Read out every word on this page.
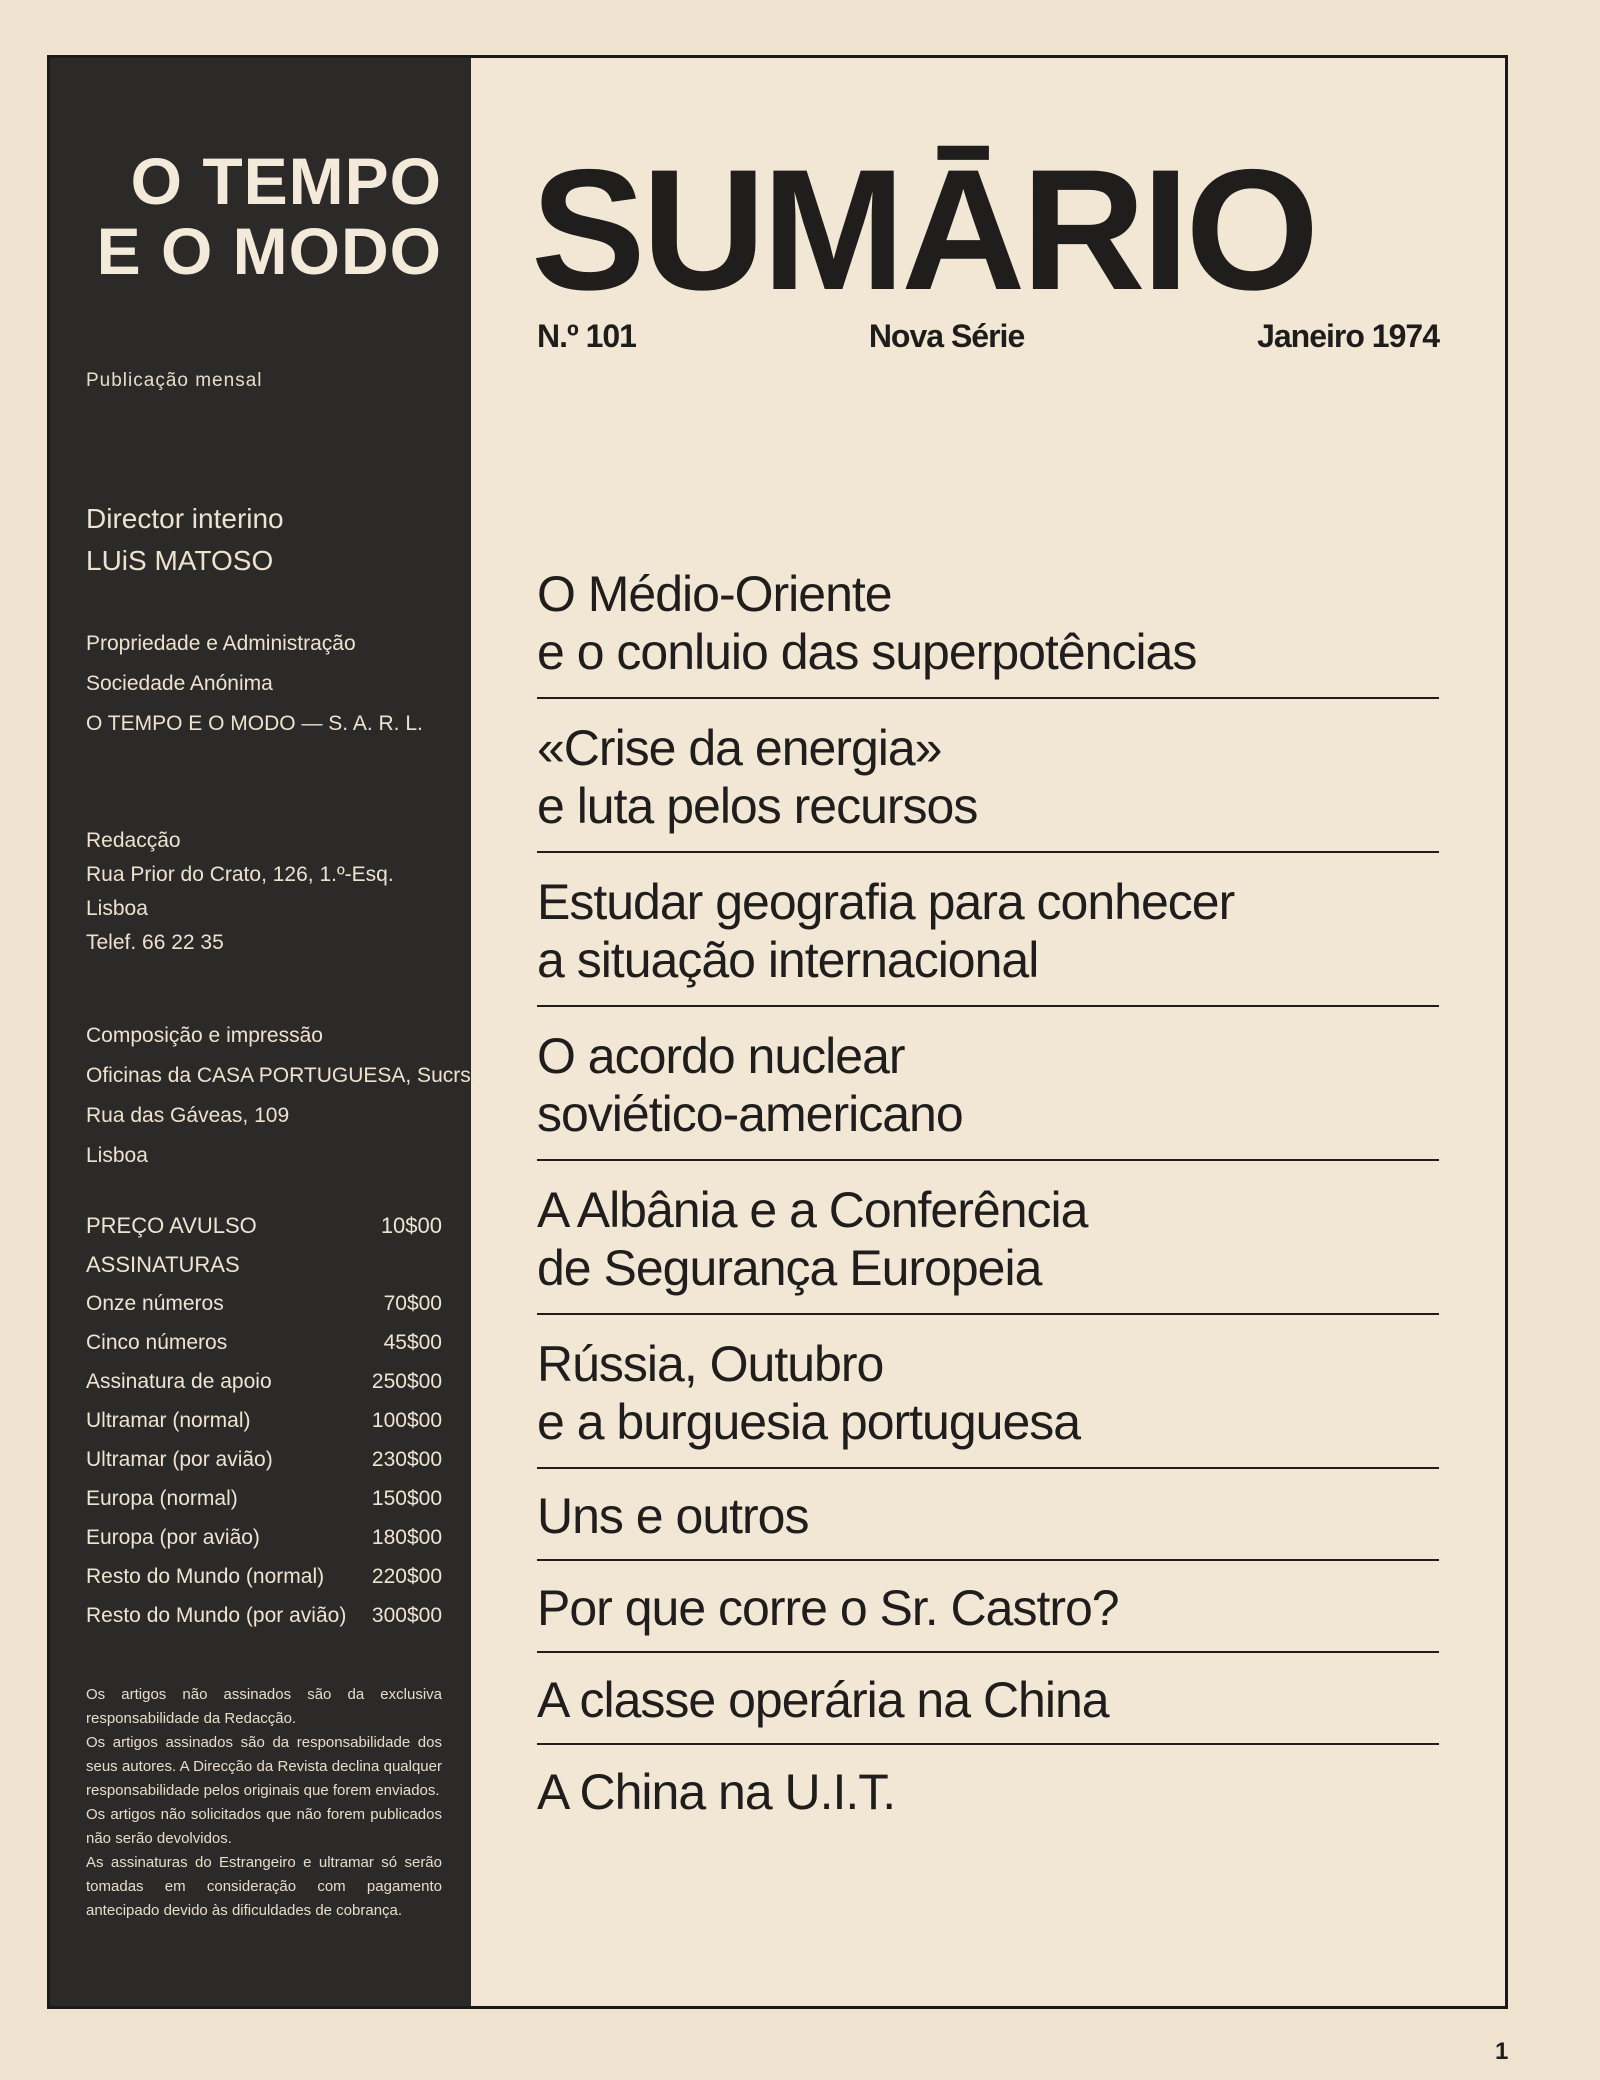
O TEMPO
E O MODO
Publicação mensal
Director interino
LUiS MATOSO
Propriedade e Administração
Sociedade Anónima
O TEMPO E O MODO — S. A. R. L.
Redacção
Rua Prior do Crato, 126, 1.º-Esq.
Lisboa
Telef. 66 22 35
Composição e impressão
Oficinas da CASA PORTUGUESA, Sucrs.
Rua das Gáveas, 109
Lisboa
PREÇO AVULSO	10$00
ASSINATURAS
Onze números	70$00
Cinco números	45$00
Assinatura de apoio	250$00
Ultramar (normal)	100$00
Ultramar (por avião)	230$00
Europa (normal)	150$00
Europa (por avião)	180$00
Resto do Mundo (normal) 220$00
Resto do Mundo (por avião) 300$00
Os artigos não assinados são da exclusiva responsabilidade da Redacção.
Os artigos assinados são da responsabilidade dos seus autores. A Direcção da Revista declina qualquer responsabilidade pelos originais que forem enviados.
Os artigos não solicitados que não forem publicados não serão devolvidos.
As assinaturas do Estrangeiro e ultramar só serão tomadas em consideração com pagamento antecipado devido às dificuldades de cobrança.
SUMĀRIO
N.º 101	Nova Série	Janeiro 1974
O Médio-Oriente
e o conluio das superpotências
«Crise da energia»
e luta pelos recursos
Estudar geografia para conhecer
a situação internacional
O acordo nuclear
soviético-americano
A Albânia e a Conferência
de Segurança Europeia
Rússia, Outubro
e a burguesia portuguesa
Uns e outros
Por que corre o Sr. Castro?
A classe operária na China
A China na U.I.T.
1
